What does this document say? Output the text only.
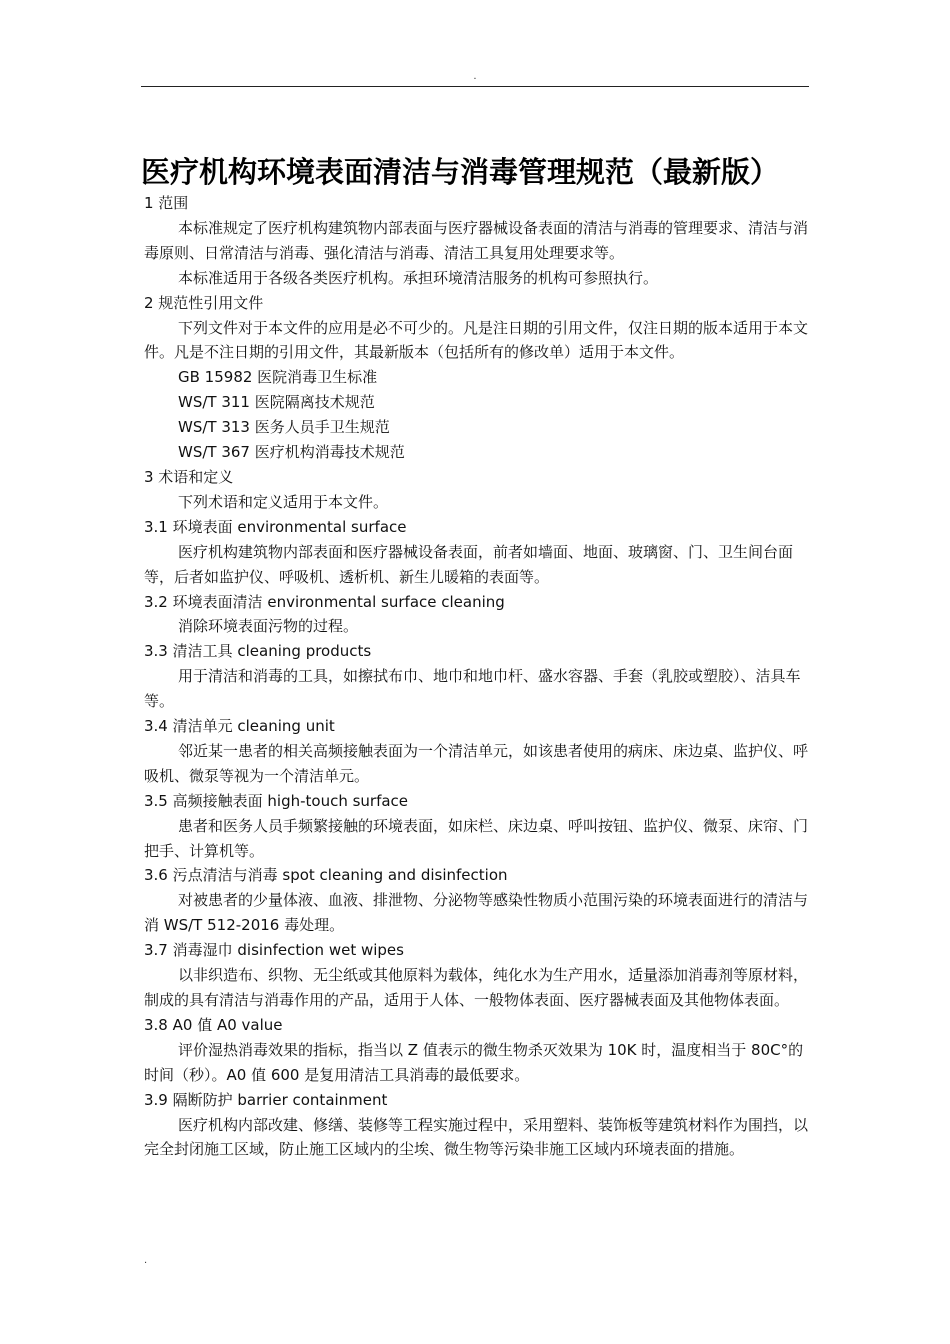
.
医疗机构环境表面清洁与消毒管理规范（最新版）

1 范围

本标准规定了医疗机构建筑物内部表面与医疗器械设备表面的清洁与消毒的管理要求、清洁与消毒原则、日常清洁与消毒、强化清洁与消毒、清洁工具复用处理要求等。

本标准适用于各级各类医疗机构。承担环境清洁服务的机构可参照执行。

2 规范性引用文件

下列文件对于本文件的应用是必不可少的。凡是注日期的引用文件，仅注日期的版本适用于本文件。凡是不注日期的引用文件，其最新版本（包括所有的修改单）适用于本文件。

GB 15982 医院消毒卫生标准

WS/T 311 医院隔离技术规范

WS/T 313 医务人员手卫生规范

WS/T 367 医疗机构消毒技术规范

3 术语和定义

下列术语和定义适用于本文件。

3.1 环境表面 environmental surface

医疗机构建筑物内部表面和医疗器械设备表面，前者如墙面、地面、玻璃窗、门、卫生间台面等，后者如监护仪、呼吸机、透析机、新生儿暖箱的表面等。

3.2 环境表面清洁 environmental surface cleaning

消除环境表面污物的过程。

3.3 清洁工具 cleaning products

用于清洁和消毒的工具，如擦拭布巾、地巾和地巾杆、盛水容器、手套（乳胶或塑胶）、洁具车等。

3.4 清洁单元 cleaning unit

邻近某一患者的相关高频接触表面为一个清洁单元，如该患者使用的病床、床边桌、监护仪、呼吸机、微泵等视为一个清洁单元。

3.5 高频接触表面 high-touch surface

患者和医务人员手频繁接触的环境表面，如床栏、床边桌、呼叫按钮、监护仪、微泵、床帘、门把手、计算机等。

3.6 污点清洁与消毒 spot cleaning and disinfection

对被患者的少量体液、血液、排泄物、分泌物等感染性物质小范围污染的环境表面进行的清洁与消 WS/T 512-2016 毒处理。

3.7 消毒湿巾 disinfection wet wipes

以非织造布、织物、无尘纸或其他原料为载体，纯化水为生产用水，适量添加消毒剂等原材料，制成的具有清洁与消毒作用的产品，适用于人体、一般物体表面、医疗器械表面及其他物体表面。

3.8 A0 值 A0 value

评价湿热消毒效果的指标，指当以 Z 值表示的微生物杀灭效果为 10K 时，温度相当于 80C°的时间（秒）。A0 值 600 是复用清洁工具消毒的最低要求。

3.9 隔断防护 barrier containment

医疗机构内部改建、修缮、装修等工程实施过程中，采用塑料、装饰板等建筑材料作为围挡，以完全封闭施工区域，防止施工区域内的尘埃、微生物等污染非施工区域内环境表面的措施。

.
